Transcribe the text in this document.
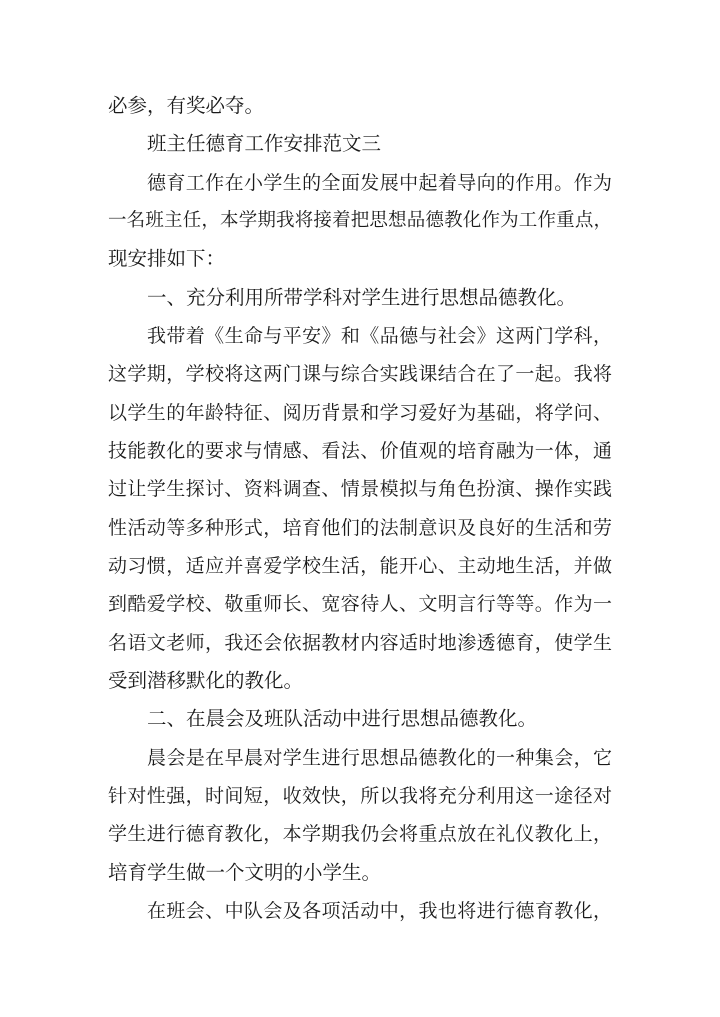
必参，有奖必夺。

班主任德育工作安排范文三

德育工作在小学生的全面发展中起着导向的作用。作为

一名班主任，本学期我将接着把思想品德教化作为工作重点，

现安排如下：

一、充分利用所带学科对学生进行思想品德教化。

我带着《生命与平安》和《品德与社会》这两门学科，

这学期，学校将这两门课与综合实践课结合在了一起。我将

以学生的年龄特征、阅历背景和学习爱好为基础，将学问、

技能教化的要求与情感、看法、价值观的培育融为一体，通

过让学生探讨、资料调查、情景模拟与角色扮演、操作实践

性活动等多种形式，培育他们的法制意识及良好的生活和劳

动习惯，适应并喜爱学校生活，能开心、主动地生活，并做

到酷爱学校、敬重师长、宽容待人、文明言行等等。作为一

名语文老师，我还会依据教材内容适时地渗透德育，使学生

受到潜移默化的教化。

二、在晨会及班队活动中进行思想品德教化。

晨会是在早晨对学生进行思想品德教化的一种集会，它

针对性强，时间短，收效快，所以我将充分利用这一途径对

学生进行德育教化，本学期我仍会将重点放在礼仪教化上，

培育学生做一个文明的小学生。

在班会、中队会及各项活动中，我也将进行德育教化，
